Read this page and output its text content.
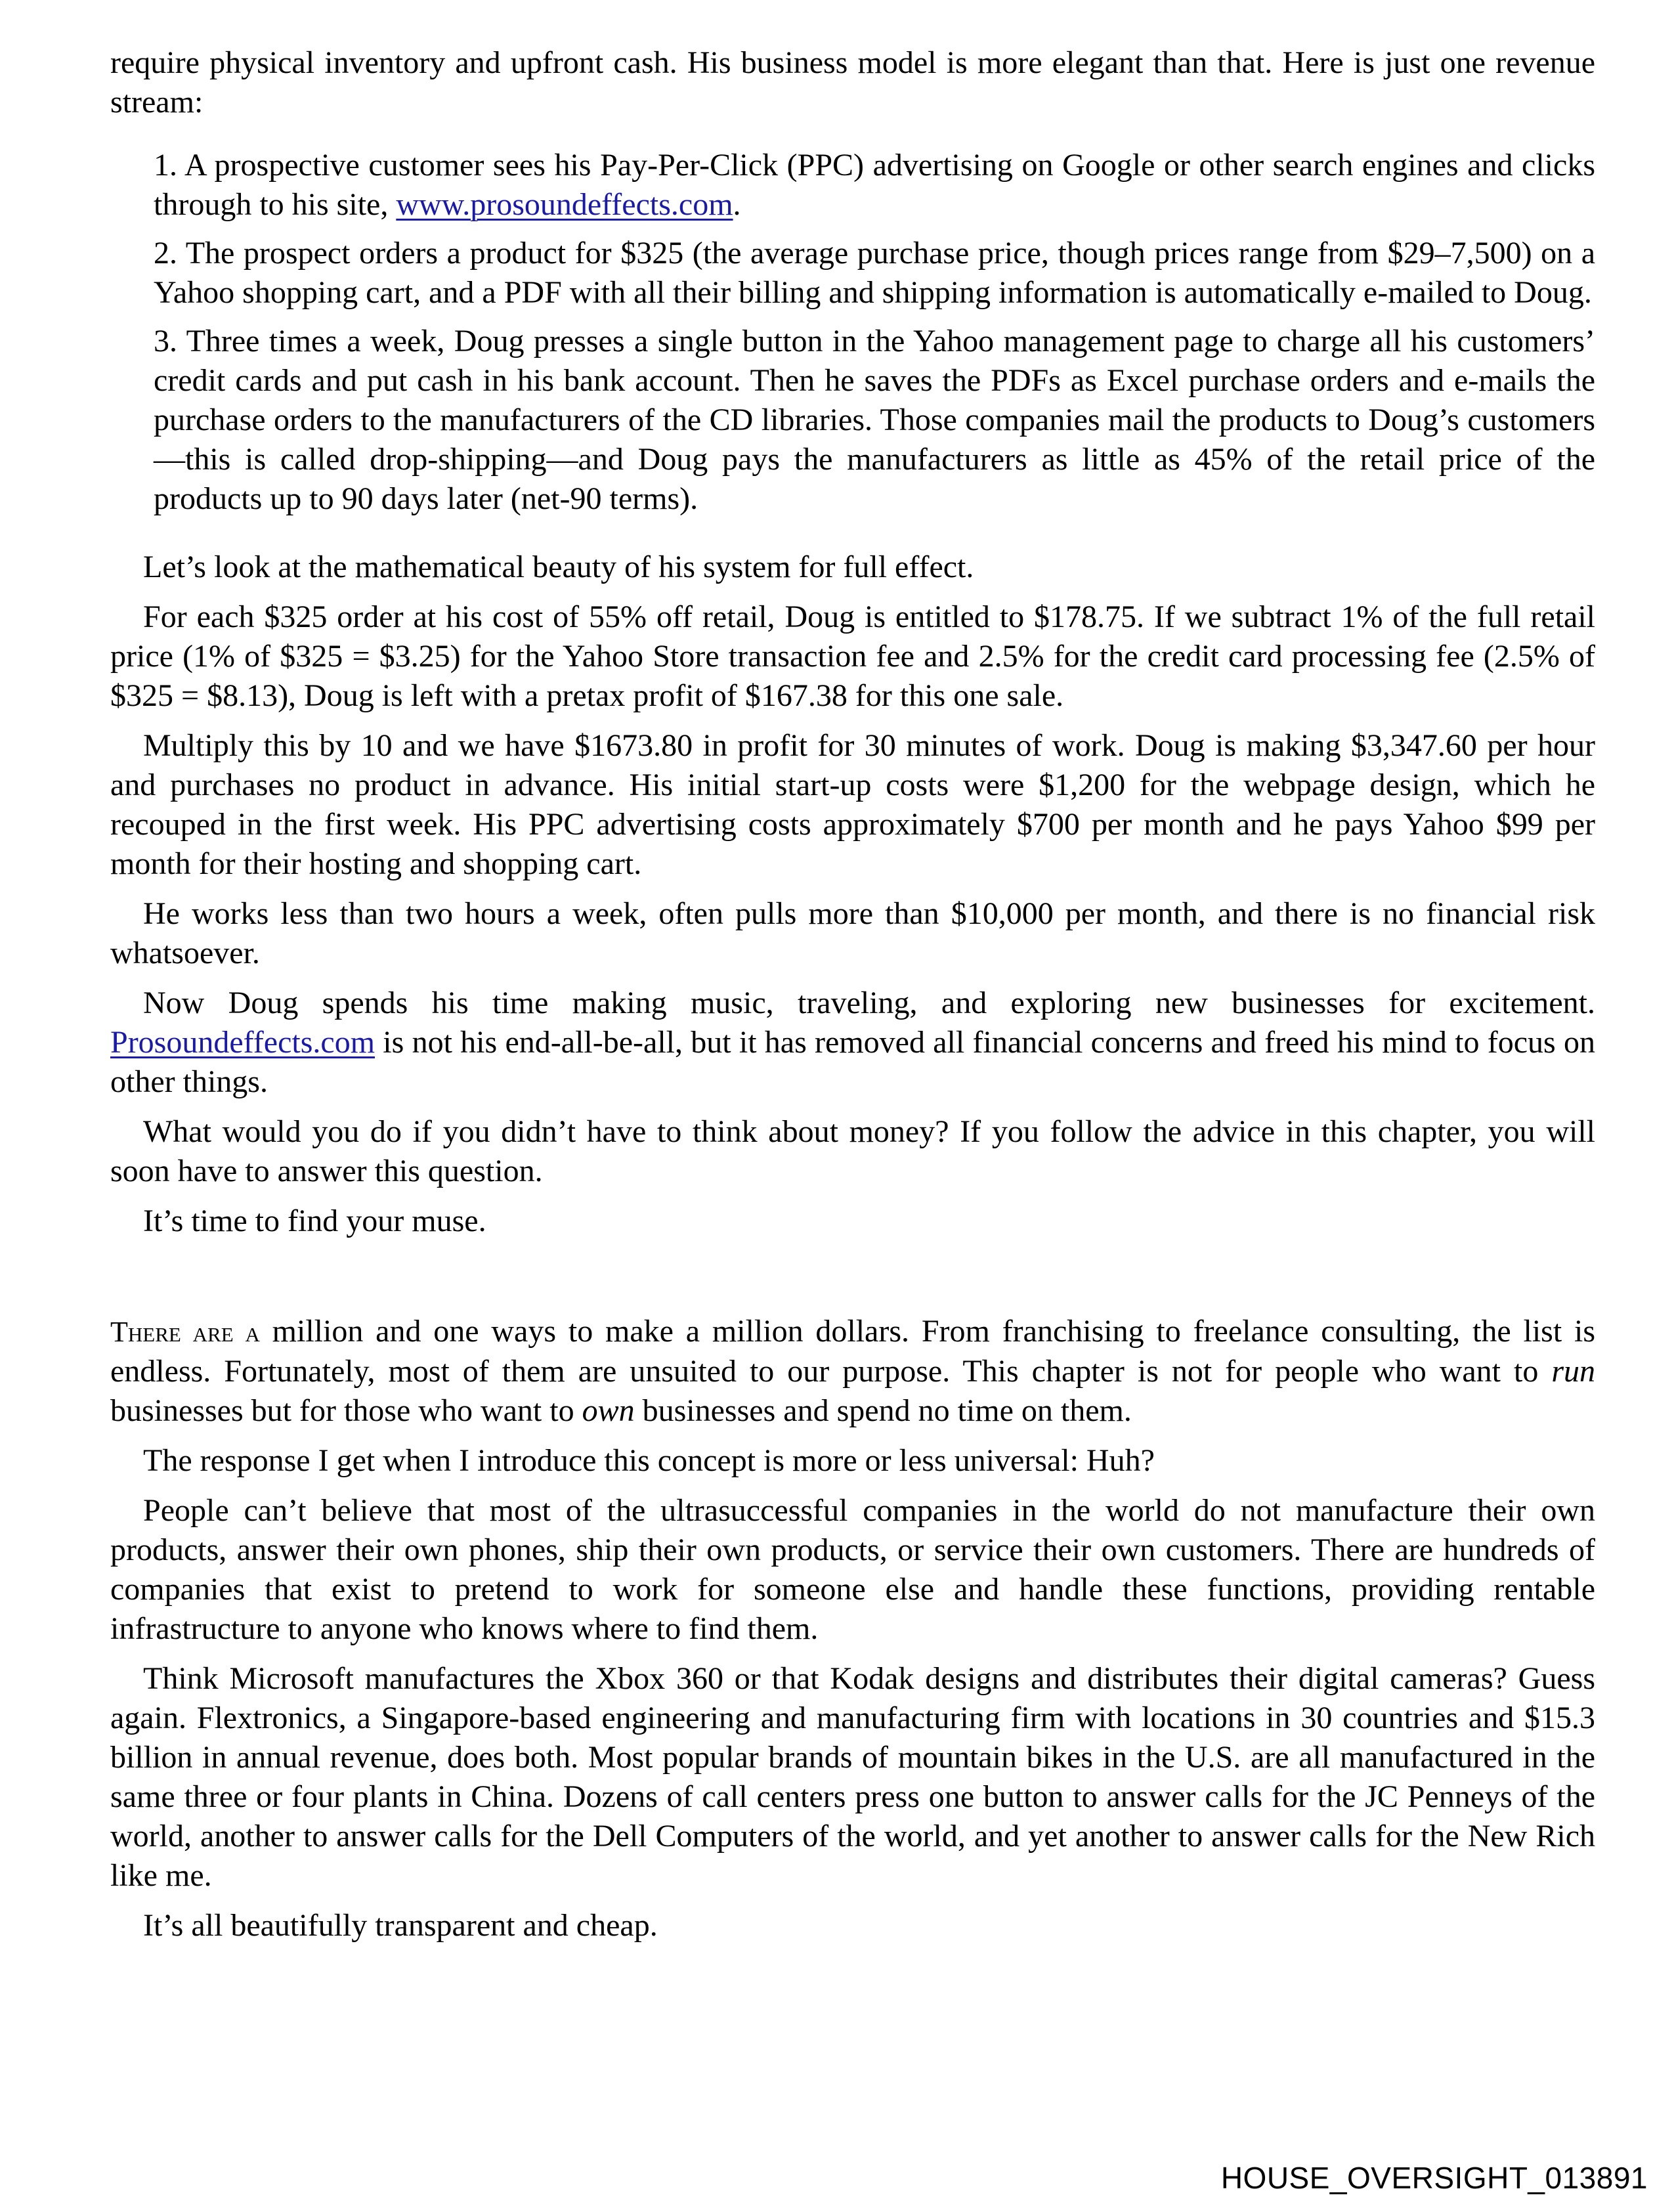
require physical inventory and upfront cash. His business model is more elegant than that. Here is just one revenue stream:

1. A prospective customer sees his Pay-Per-Click (PPC) advertising on Google or other search engines and clicks through to his site, www.prosoundeffects.com.
2. The prospect orders a product for $325 (the average purchase price, though prices range from $29–7,500) on a Yahoo shopping cart, and a PDF with all their billing and shipping information is automatically e-mailed to Doug.
3. Three times a week, Doug presses a single button in the Yahoo management page to charge all his customers’ credit cards and put cash in his bank account. Then he saves the PDFs as Excel purchase orders and e-mails the purchase orders to the manufacturers of the CD libraries. Those companies mail the products to Doug’s customers—this is called drop-shipping—and Doug pays the manufacturers as little as 45% of the retail price of the products up to 90 days later (net-90 terms).

Let’s look at the mathematical beauty of his system for full effect.

For each $325 order at his cost of 55% off retail, Doug is entitled to $178.75. If we subtract 1% of the full retail price (1% of $325 = $3.25) for the Yahoo Store transaction fee and 2.5% for the credit card processing fee (2.5% of $325 = $8.13), Doug is left with a pretax profit of $167.38 for this one sale.

Multiply this by 10 and we have $1673.80 in profit for 30 minutes of work. Doug is making $3,347.60 per hour and purchases no product in advance. His initial start-up costs were $1,200 for the webpage design, which he recouped in the first week. His PPC advertising costs approximately $700 per month and he pays Yahoo $99 per month for their hosting and shopping cart.

He works less than two hours a week, often pulls more than $10,000 per month, and there is no financial risk whatsoever.

Now Doug spends his time making music, traveling, and exploring new businesses for excitement. Prosoundeffects.com is not his end-all-be-all, but it has removed all financial concerns and freed his mind to focus on other things.

What would you do if you didn’t have to think about money? If you follow the advice in this chapter, you will soon have to answer this question.

It’s time to find your muse.

There are a million and one ways to make a million dollars. From franchising to freelance consulting, the list is endless. Fortunately, most of them are unsuited to our purpose. This chapter is not for people who want to run businesses but for those who want to own businesses and spend no time on them.

The response I get when I introduce this concept is more or less universal: Huh?

People can’t believe that most of the ultrasuccessful companies in the world do not manufacture their own products, answer their own phones, ship their own products, or service their own customers. There are hundreds of companies that exist to pretend to work for someone else and handle these functions, providing rentable infrastructure to anyone who knows where to find them.

Think Microsoft manufactures the Xbox 360 or that Kodak designs and distributes their digital cameras? Guess again. Flextronics, a Singapore-based engineering and manufacturing firm with locations in 30 countries and $15.3 billion in annual revenue, does both. Most popular brands of mountain bikes in the U.S. are all manufactured in the same three or four plants in China. Dozens of call centers press one button to answer calls for the JC Penneys of the world, another to answer calls for the Dell Computers of the world, and yet another to answer calls for the New Rich like me.

It’s all beautifully transparent and cheap.

HOUSE_OVERSIGHT_013891
